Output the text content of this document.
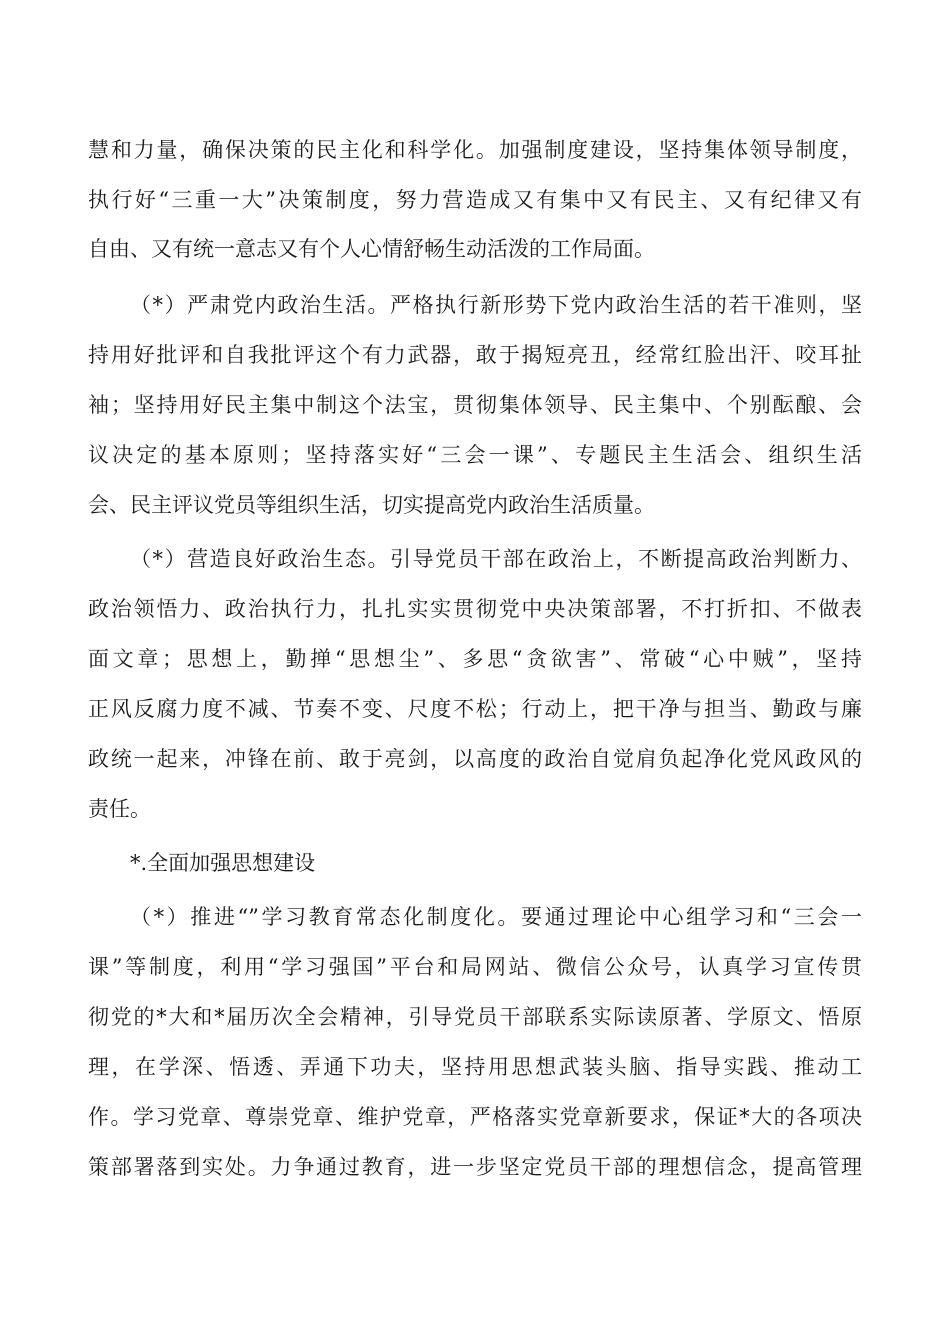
慧和力量，确保决策的民主化和科学化。加强制度建设，坚持集体领导制度，
执行好“三重一大”决策制度，努力营造成又有集中又有民主、又有纪律又有
自由、又有统一意志又有个人心情舒畅生动活泼的工作局面。
（*）严肃党内政治生活。严格执行新形势下党内政治生活的若干准则，坚
持用好批评和自我批评这个有力武器，敢于揭短亮丑，经常红脸出汗、咬耳扯
袖；坚持用好民主集中制这个法宝，贯彻集体领导、民主集中、个别酝酿、会
议决定的基本原则；坚持落实好“三会一课”、专题民主生活会、组织生活
会、民主评议党员等组织生活，切实提高党内政治生活质量。
（*）营造良好政治生态。引导党员干部在政治上，不断提高政治判断力、
政治领悟力、政治执行力，扎扎实实贯彻党中央决策部署，不打折扣、不做表
面文章；思想上，勤掸“思想尘”、多思“贪欲害”、常破“心中贼”，坚持
正风反腐力度不减、节奏不变、尺度不松；行动上，把干净与担当、勤政与廉
政统一起来，冲锋在前、敢于亮剑，以高度的政治自觉肩负起净化党风政风的
责任。
*.全面加强思想建设
（*）推进“”学习教育常态化制度化。要通过理论中心组学习和“三会一
课”等制度，利用“学习强国”平台和局网站、微信公众号，认真学习宣传贯
彻党的*大和*届历次全会精神，引导党员干部联系实际读原著、学原文、悟原
理，在学深、悟透、弄通下功夫，坚持用思想武装头脑、指导实践、推动工
作。学习党章、尊崇党章、维护党章，严格落实党章新要求，保证*大的各项决
策部署落到实处。力争通过教育，进一步坚定党员干部的理想信念，提高管理
